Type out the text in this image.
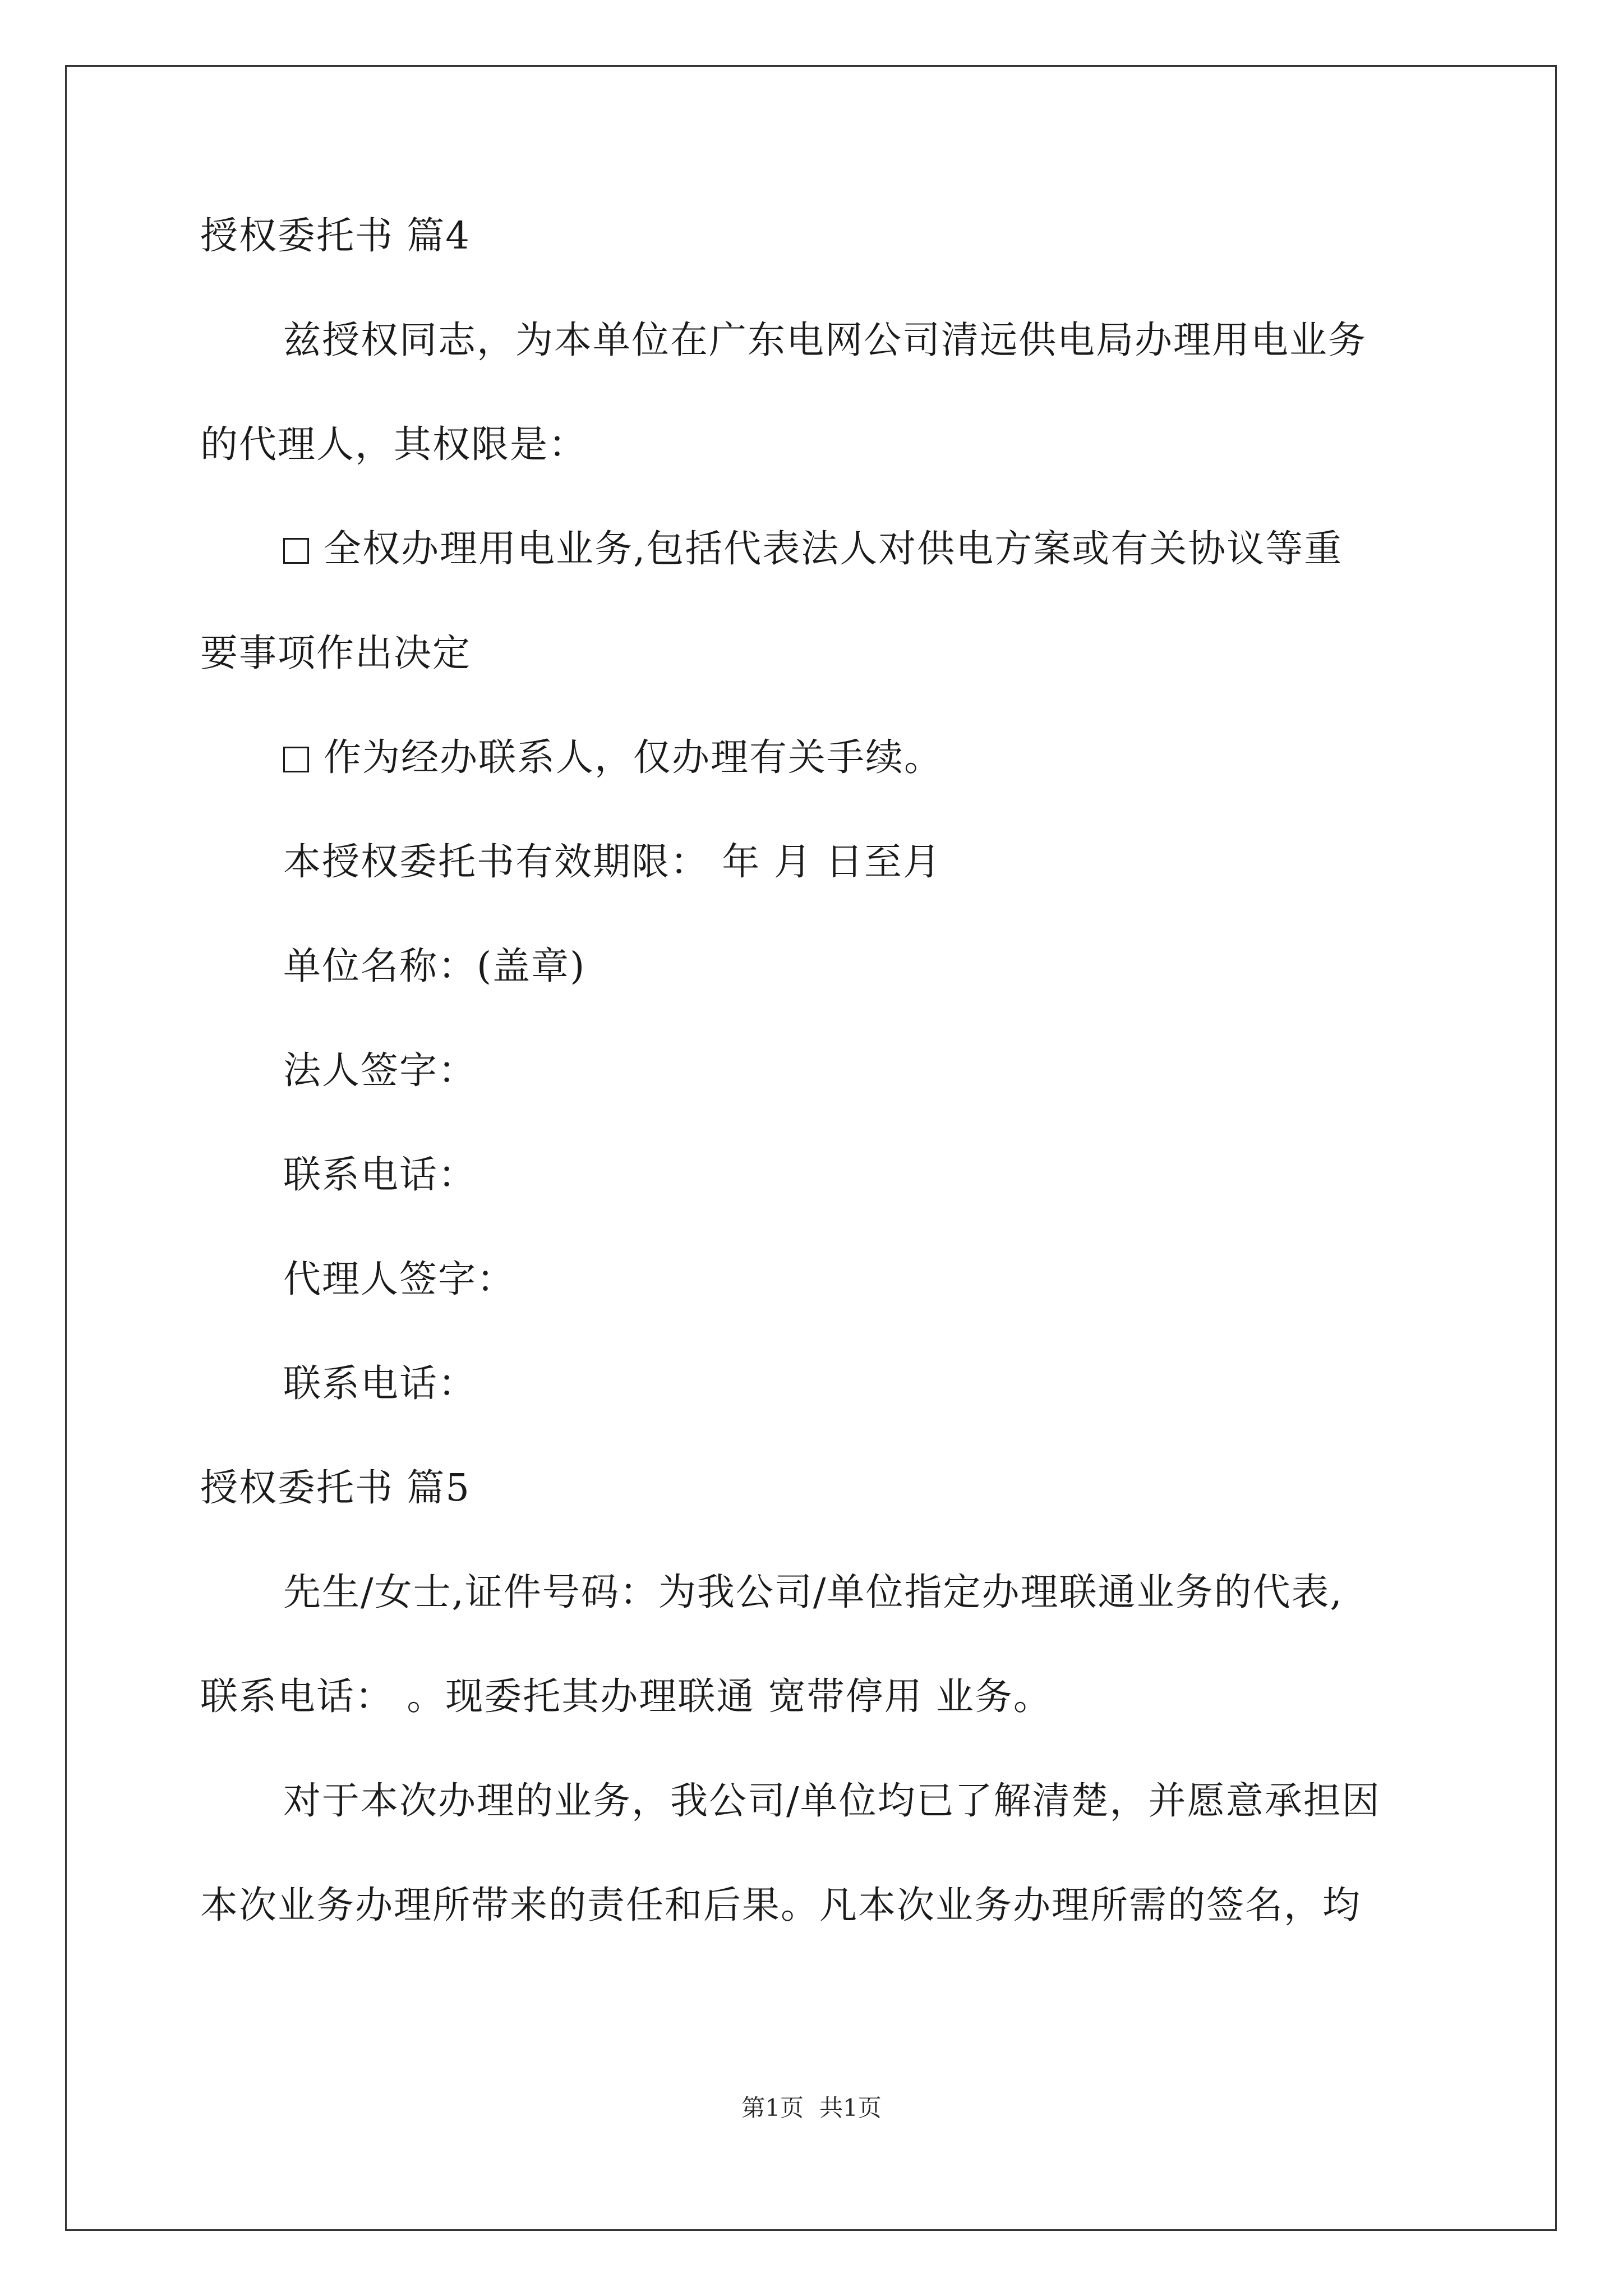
授权委托书 篇4
兹授权同志，为本单位在广东电网公司清远供电局办理用电业务
的代理人，其权限是：
全权办理用电业务,包括代表法人对供电方案或有关协议等重
要事项作出决定
作为经办联系人，仅办理有关手续。
本授权委托书有效期限： 年 月 日至月
单位名称：(盖章)
法人签字：
联系电话：
代理人签字：
联系电话：
授权委托书 篇5
先生/女士,证件号码：为我公司/单位指定办理联通业务的代表,
联系电话： 。现委托其办理联通 宽带停用 业务。
对于本次办理的业务，我公司/单位均已了解清楚，并愿意承担因
本次业务办理所带来的责任和后果。凡本次业务办理所需的签名，均
第1页 共1页
